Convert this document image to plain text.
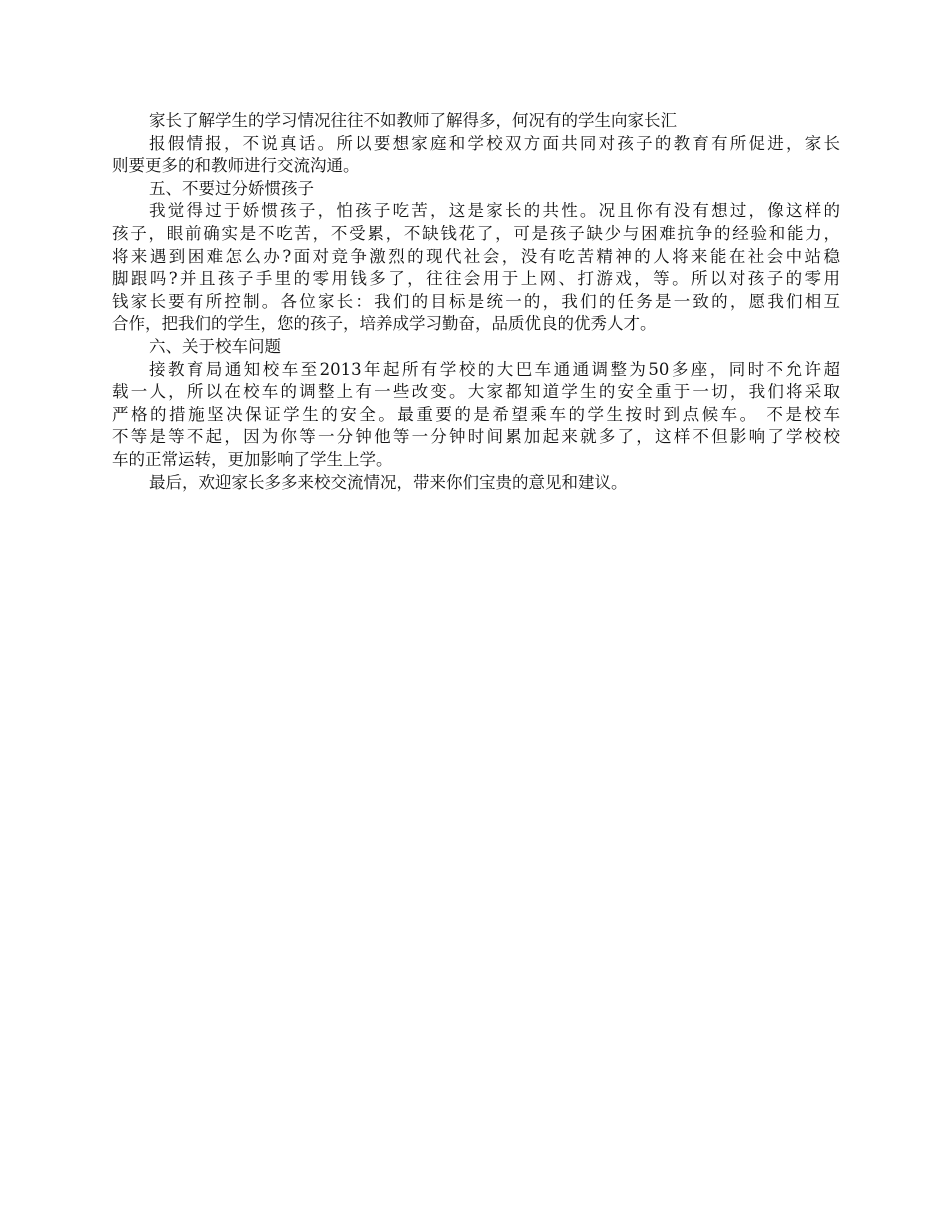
家长了解学生的学习情况往往不如教师了解得多，何况有的学生向家长汇
报假情报，不说真话。所以要想家庭和学校双方面共同对孩子的教育有所促进，家长
则要更多的和教师进行交流沟通。
五、不要过分娇惯孩子
我觉得过于娇惯孩子，怕孩子吃苦，这是家长的共性。况且你有没有想过，像这样的
孩子，眼前确实是不吃苦，不受累，不缺钱花了，可是孩子缺少与困难抗争的经验和能力，
将来遇到困难怎么办?面对竞争激烈的现代社会，没有吃苦精神的人将来能在社会中站稳
脚跟吗?并且孩子手里的零用钱多了，往往会用于上网、打游戏，等。所以对孩子的零用
钱家长要有所控制。各位家长：我们的目标是统一的，我们的任务是一致的，愿我们相互
合作，把我们的学生，您的孩子，培养成学习勤奋，品质优良的优秀人才。
六、关于校车问题
接教育局通知校车至2013年起所有学校的大巴车通通调整为50多座，同时不允许超
载一人，所以在校车的调整上有一些改变。大家都知道学生的安全重于一切，我们将采取
严格的措施坚决保证学生的安全。最重要的是希望乘车的学生按时到点候车。 不是校车
不等是等不起，因为你等一分钟他等一分钟时间累加起来就多了，这样不但影响了学校校
车的正常运转，更加影响了学生上学。
最后，欢迎家长多多来校交流情况，带来你们宝贵的意见和建议。
